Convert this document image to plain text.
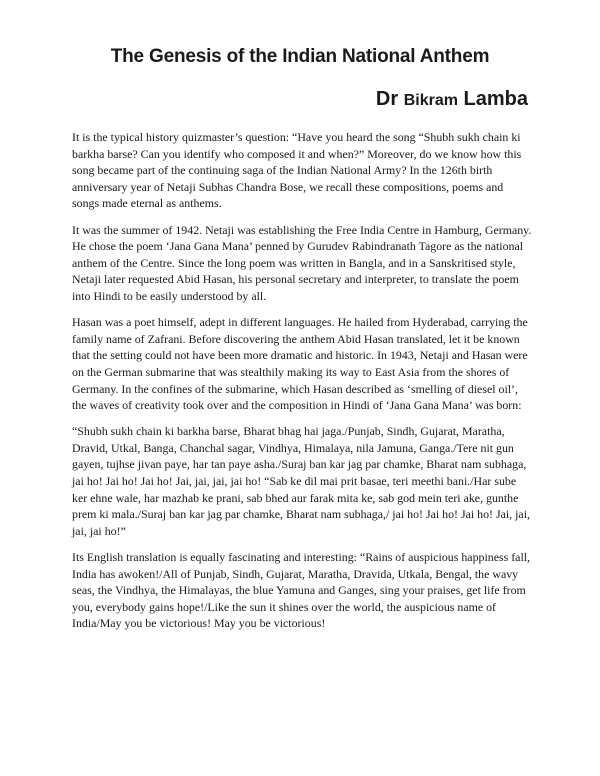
The Genesis of the Indian National Anthem
Dr Bikram Lamba

It is the typical history quizmaster’s question: “Have you heard the song “Shubh sukh chain ki barkha barse? Can you identify who composed it and when?” Moreover, do we know how this song became part of the continuing saga of the Indian National Army? In the 126th birth anniversary year of Netaji Subhas Chandra Bose, we recall these compositions, poems and songs made eternal as anthems.

It was the summer of 1942. Netaji was establishing the Free India Centre in Hamburg, Germany. He chose the poem ‘Jana Gana Mana’ penned by Gurudev Rabindranath Tagore as the national anthem of the Centre. Since the long poem was written in Bangla, and in a Sanskritised style, Netaji later requested Abid Hasan, his personal secretary and interpreter, to translate the poem into Hindi to be easily understood by all.

Hasan was a poet himself, adept in different languages. He hailed from Hyderabad, carrying the family name of Zafrani. Before discovering the anthem Abid Hasan translated, let it be known that the setting could not have been more dramatic and historic. In 1943, Netaji and Hasan were on the German submarine that was stealthily making its way to East Asia from the shores of Germany. In the confines of the submarine, which Hasan described as ‘smelling of diesel oil’, the waves of creativity took over and the composition in Hindi of ‘Jana Gana Mana’ was born:

“Shubh sukh chain ki barkha barse, Bharat bhag hai jaga./Punjab, Sindh, Gujarat, Maratha, Dravid, Utkal, Banga, Chanchal sagar, Vindhya, Himalaya, nila Jamuna, Ganga./Tere nit gun gayen, tujhse jivan paye, har tan paye asha./Suraj ban kar jag par chamke, Bharat nam subhaga, jai ho! Jai ho! Jai ho! Jai, jai, jai, jai ho! “Sab ke dil mai prit basae, teri meethi bani./Har sube ker ehne wale, har mazhab ke prani, sab bhed aur farak mita ke, sab god mein teri ake, gunthe prem ki mala./Suraj ban kar jag par chamke, Bharat nam subhaga,/ jai ho! Jai ho! Jai ho! Jai, jai, jai, jai ho!”

Its English translation is equally fascinating and interesting: “Rains of auspicious happiness fall, India has awoken!/All of Punjab, Sindh, Gujarat, Maratha, Dravida, Utkala, Bengal, the wavy seas, the Vindhya, the Himalayas, the blue Yamuna and Ganges, sing your praises, get life from you, everybody gains hope!/Like the sun it shines over the world, the auspicious name of India/May you be victorious! May you be victorious!
